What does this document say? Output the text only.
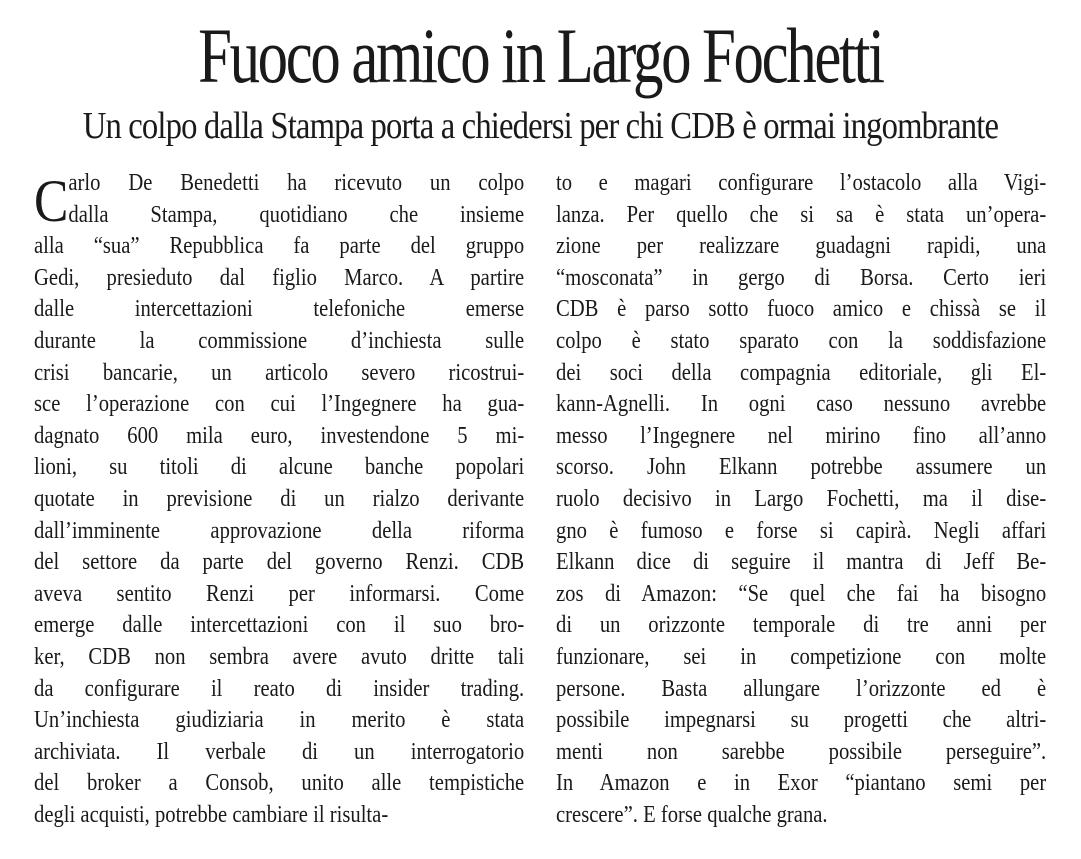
Fuoco amico in Largo Fochetti
Un colpo dalla Stampa porta a chiedersi per chi CDB è ormai ingombrante
C arlo De Benedetti ha ricevuto un colpo
dalla Stampa, quotidiano che insieme
alla “sua” Repubblica fa parte del gruppo
Gedi, presieduto dal figlio Marco. A partire
dalle intercettazioni telefoniche emerse
durante la commissione d’inchiesta sulle
crisi bancarie, un articolo severo ricostrui-
sce l’operazione con cui l’Ingegnere ha gua-
dagnato 600 mila euro, investendone 5 mi-
lioni, su titoli di alcune banche popolari
quotate in previsione di un rialzo derivante
dall’imminente approvazione della riforma
del settore da parte del governo Renzi. CDB
aveva sentito Renzi per informarsi. Come
emerge dalle intercettazioni con il suo bro-
ker, CDB non sembra avere avuto dritte tali
da configurare il reato di insider trading.
Un’inchiesta giudiziaria in merito è stata
archiviata. Il verbale di un interrogatorio
del broker a Consob, unito alle tempistiche
degli acquisti, potrebbe cambiare il risulta-
to e magari configurare l’ostacolo alla Vigi-
lanza. Per quello che si sa è stata un’opera-
zione per realizzare guadagni rapidi, una
“mosconata” in gergo di Borsa. Certo ieri
CDB è parso sotto fuoco amico e chissà se il
colpo è stato sparato con la soddisfazione
dei soci della compagnia editoriale, gli El-
kann-Agnelli. In ogni caso nessuno avrebbe
messo l’Ingegnere nel mirino fino all’anno
scorso. John Elkann potrebbe assumere un
ruolo decisivo in Largo Fochetti, ma il dise-
gno è fumoso e forse si capirà. Negli affari
Elkann dice di seguire il mantra di Jeff Be-
zos di Amazon: “Se quel che fai ha bisogno
di un orizzonte temporale di tre anni per
funzionare, sei in competizione con molte
persone. Basta allungare l’orizzonte ed è
possibile impegnarsi su progetti che altri-
menti non sarebbe possibile perseguire”.
In Amazon e in Exor “piantano semi per
crescere”. E forse qualche grana.
